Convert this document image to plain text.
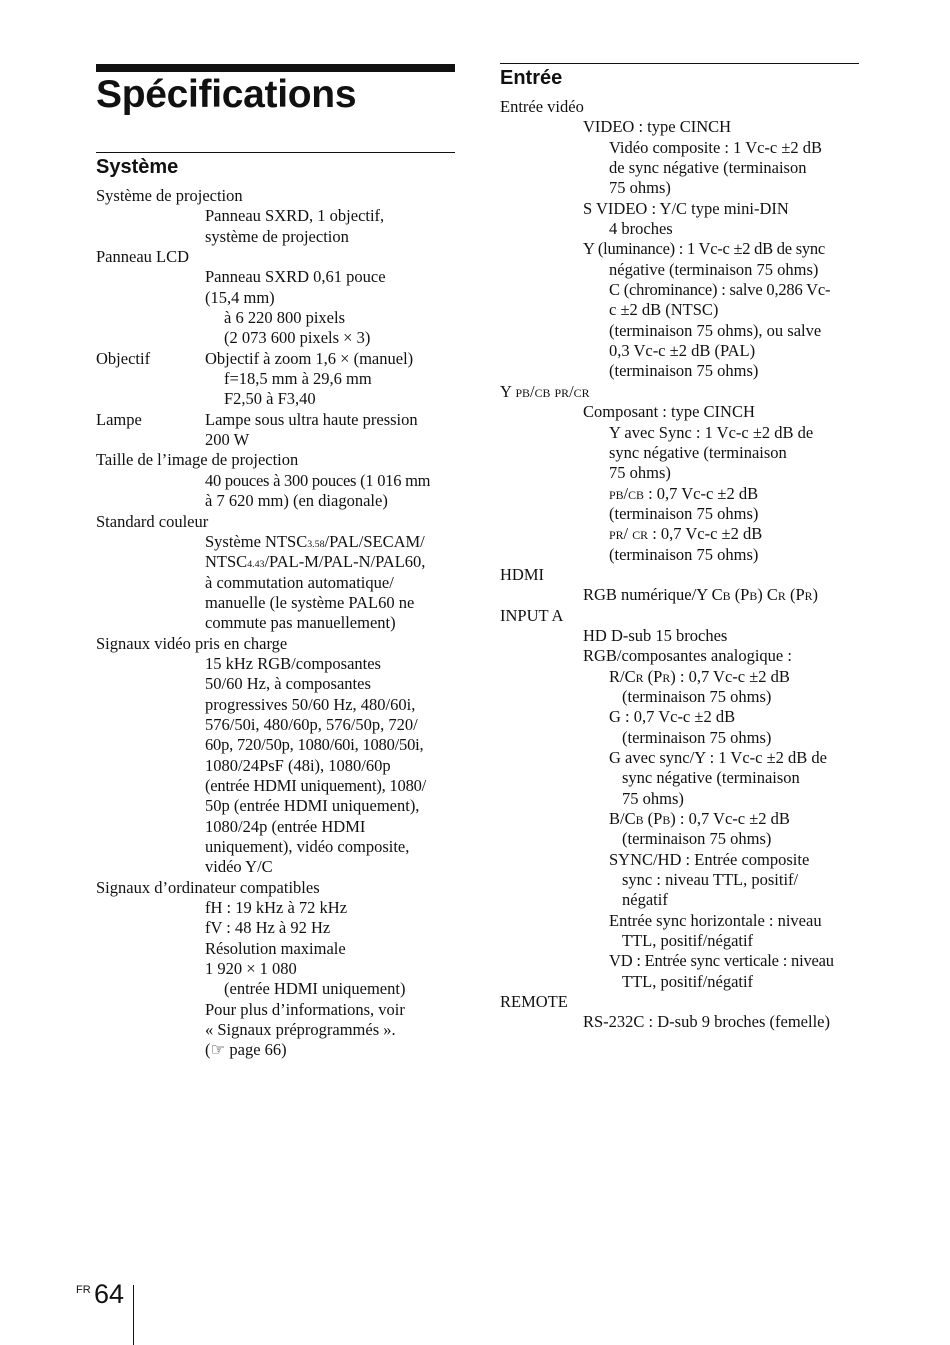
Spécifications
Système
Système de projection
Panneau SXRD, 1 objectif,
système de projection
Panneau LCD
Panneau SXRD 0,61 pouce
(15,4 mm)
à 6 220 800 pixels
(2 073 600 pixels × 3)
Objectif	Objectif à zoom 1,6 × (manuel)
f=18,5 mm à 29,6 mm
F2,50 à F3,40
Lampe	Lampe sous ultra haute pression
200 W
Taille de l’image de projection
40 pouces à 300 pouces (1 016 mm
à 7 620 mm) (en diagonale)
Standard couleur
Système NTSC3.58/PAL/SECAM/
NTSC4.43/PAL-M/PAL-N/PAL60,
à commutation automatique/
manuelle (le système PAL60 ne
commute pas manuellement)
Signaux vidéo pris en charge
15 kHz RGB/composantes
50/60 Hz, à composantes
progressives 50/60 Hz, 480/60i,
576/50i, 480/60p, 576/50p, 720/
60p, 720/50p, 1080/60i, 1080/50i,
1080/24PsF (48i), 1080/60p
(entrée HDMI uniquement), 1080/
50p (entrée HDMI uniquement),
1080/24p (entrée HDMI
uniquement), vidéo composite,
vidéo Y/C
Signaux d’ordinateur compatibles
fH : 19 kHz à 72 kHz
fV : 48 Hz à 92 Hz
Résolution maximale
1 920 × 1 080
(entrée HDMI uniquement)
Pour plus d’informations, voir
« Signaux préprogrammés ».
(☞ page 66)
Entrée
Entrée vidéo
VIDEO : type CINCH
Vidéo composite : 1 Vc-c ±2 dB
de sync négative (terminaison
75 ohms)
S VIDEO : Y/C type mini-DIN
4 broches
Y (luminance) : 1 Vc-c ±2 dB de sync
négative (terminaison 75 ohms)
C (chrominance) : salve 0,286 Vc-
c ±2 dB (NTSC)
(terminaison 75 ohms), ou salve
0,3 Vc-c ±2 dB (PAL)
(terminaison 75 ohms)
Y PB/CB PR/CR
Composant : type CINCH
Y avec Sync : 1 Vc-c ±2 dB de
sync négative (terminaison
75 ohms)
PB/CB : 0,7 Vc-c ±2 dB
(terminaison 75 ohms)
PR/ CR : 0,7 Vc-c ±2 dB
(terminaison 75 ohms)
HDMI
RGB numérique/Y CB (PB) CR (PR)
INPUT A
HD D-sub 15 broches
RGB/composantes analogique :
R/CR (PR) : 0,7 Vc-c ±2 dB
(terminaison 75 ohms)
G : 0,7 Vc-c ±2 dB
(terminaison 75 ohms)
G avec sync/Y : 1 Vc-c ±2 dB de
sync négative (terminaison
75 ohms)
B/CB (PB) : 0,7 Vc-c ±2 dB
(terminaison 75 ohms)
SYNC/HD : Entrée composite
sync : niveau TTL, positif/
négatif
Entrée sync horizontale : niveau
TTL, positif/négatif
VD : Entrée sync verticale : niveau
TTL, positif/négatif
REMOTE
RS-232C : D-sub 9 broches (femelle)
FR 64
